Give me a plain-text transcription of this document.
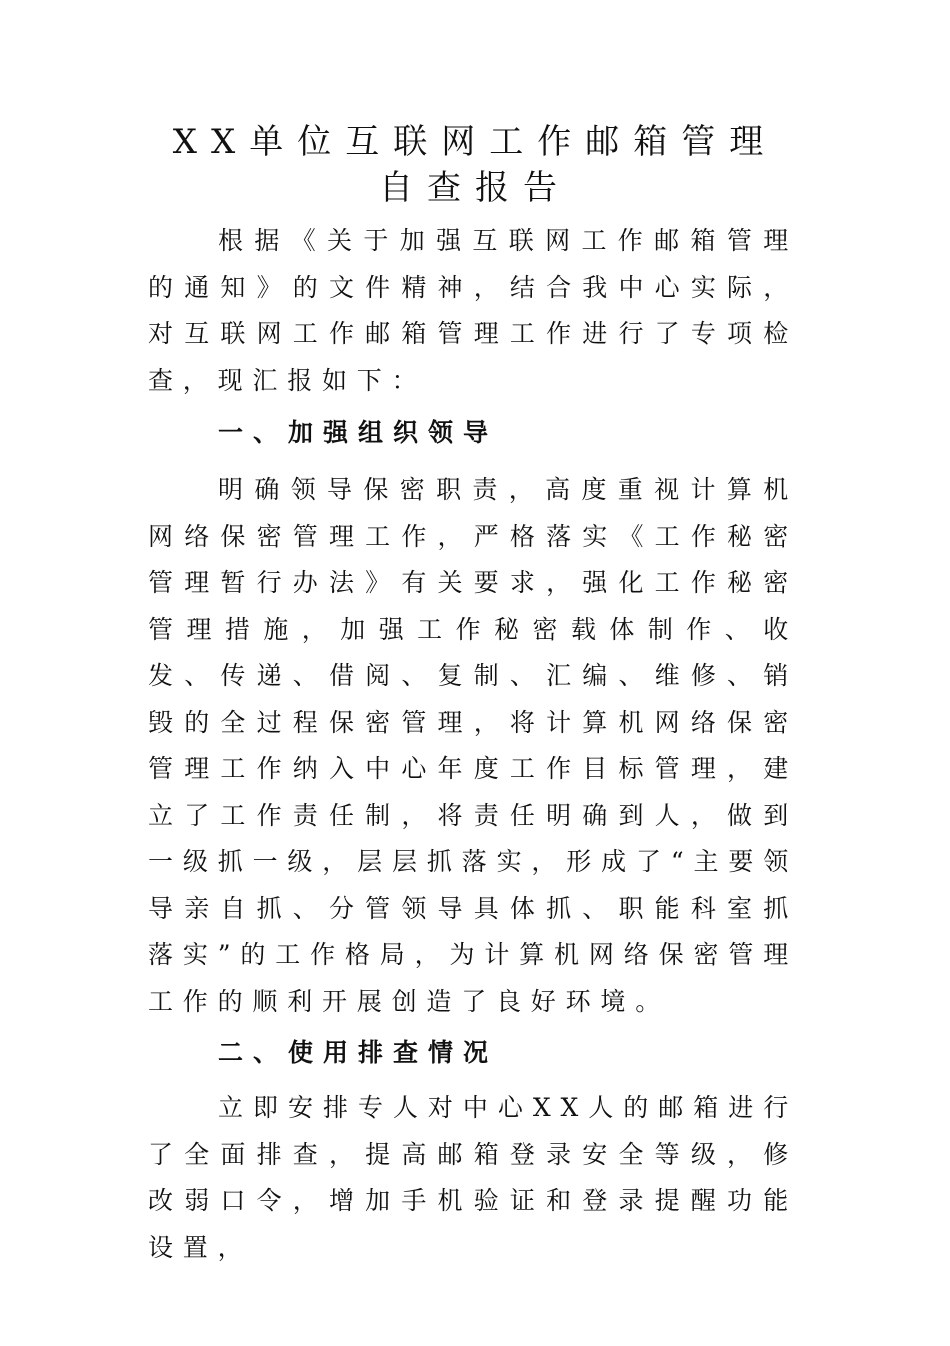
XX单位互联网工作邮箱管理
自查报告
根据《关于加强互联网工作邮箱管理的通知》的文件精神，结合我中心实际，对互联网工作邮箱管理工作进行了专项检查，现汇报如下：
一、加强组织领导
明确领导保密职责，高度重视计算机网络保密管理工作，严格落实《工作秘密管理暂行办法》有关要求，强化工作秘密管理措施，加强工作秘密载体制作、收发、传递、借阅、复制、汇编、维修、销毁的全过程保密管理，将计算机网络保密管理工作纳入中心年度工作目标管理，建立了工作责任制，将责任明确到人，做到一级抓一级，层层抓落实，形成了“主要领导亲自抓、分管领导具体抓、职能科室抓落实”的工作格局，为计算机网络保密管理工作的顺利开展创造了良好环境。
二、使用排查情况
立即安排专人对中心XX人的邮箱进行了全面排查，提高邮箱登录安全等级，修改弱口令，增加手机验证和登录提醒功能设置，
